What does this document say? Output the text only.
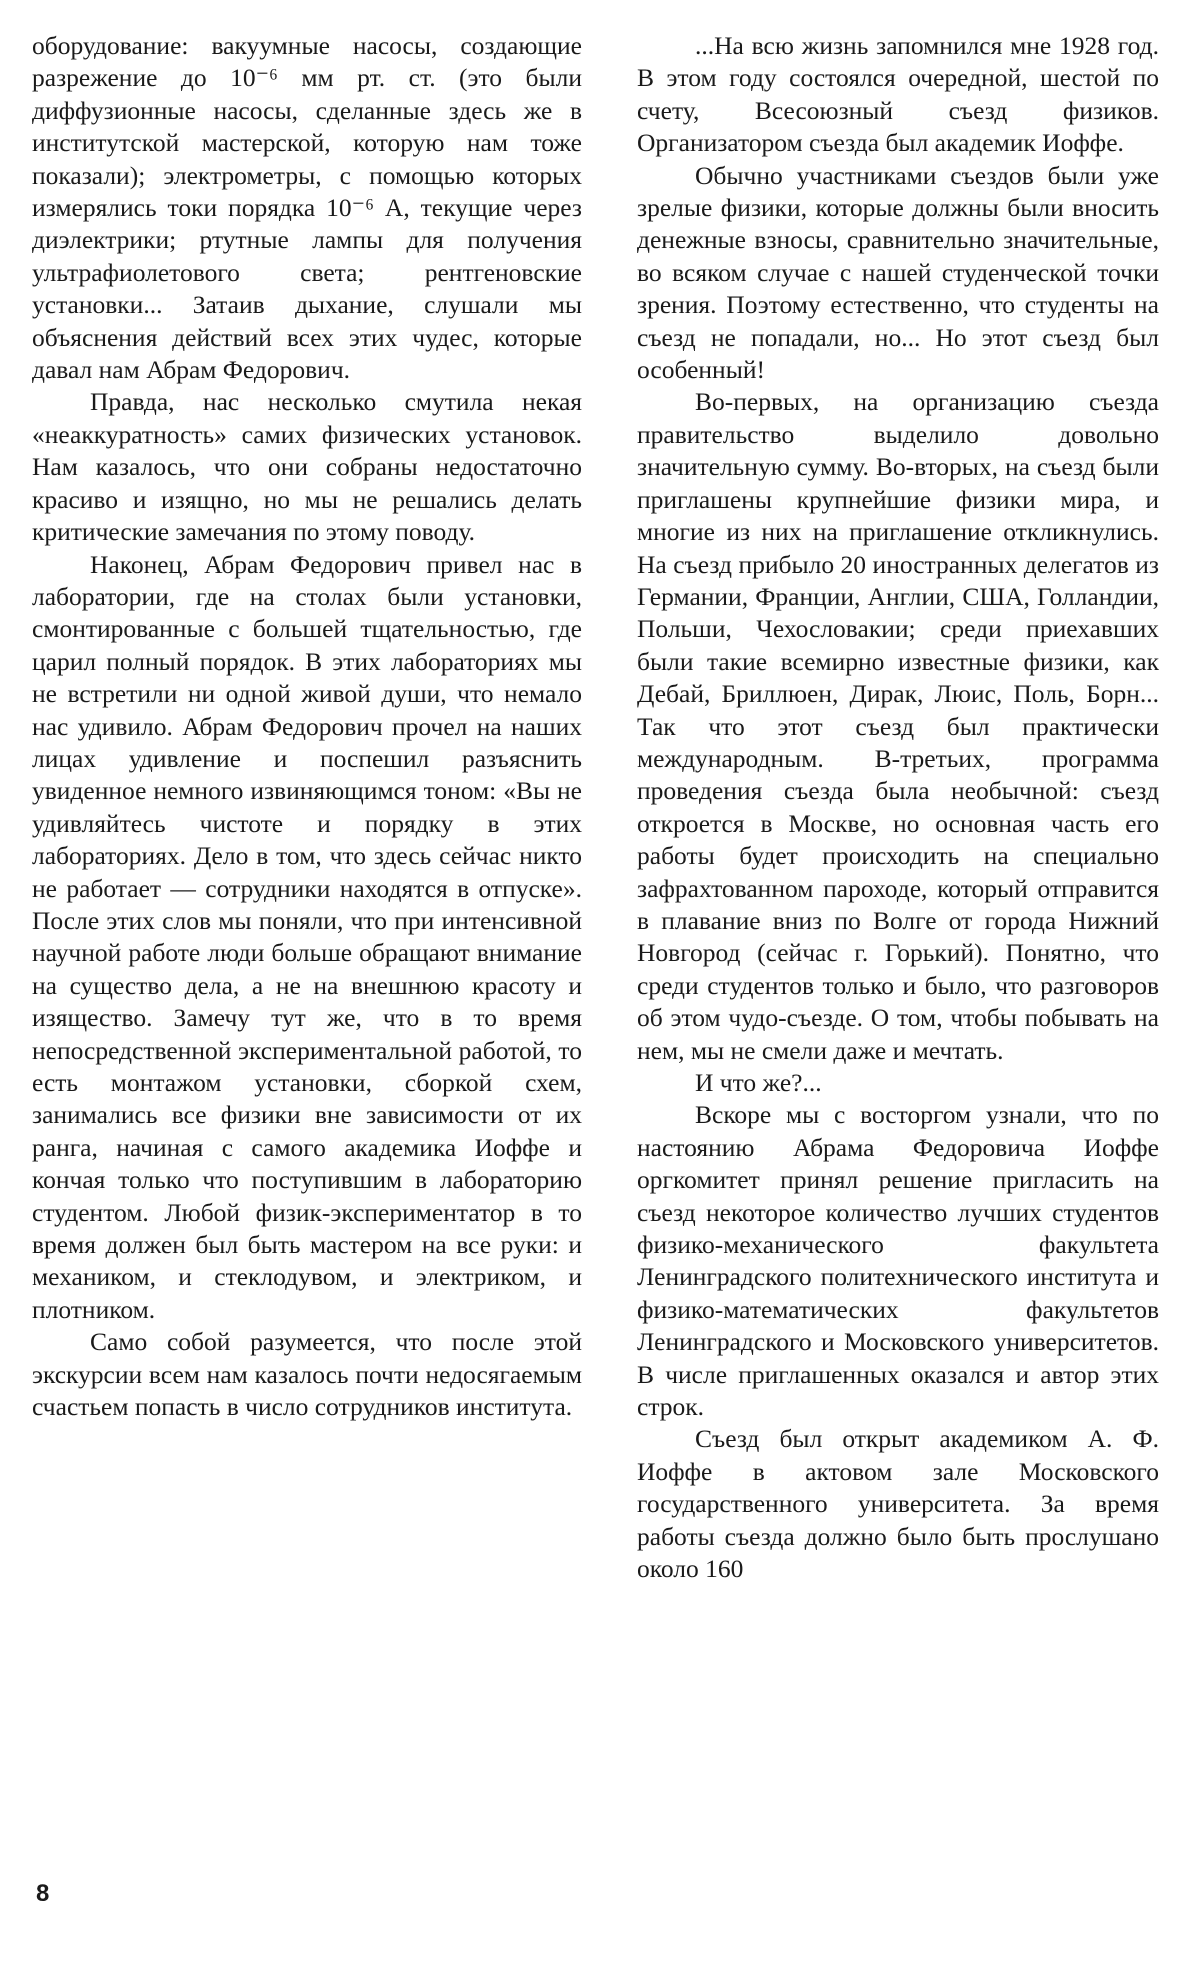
оборудование: вакуумные насосы, создающие разрежение до 10⁻⁶ мм рт. ст. (это были диффузионные насосы, сделанные здесь же в институтской мастерской, которую нам тоже показали); электрометры, с помощью которых измерялись токи порядка 10⁻⁶ А, текущие через диэлектрики; ртутные лампы для получения ультрафиолетового света; рентгеновские установки... Затаив дыхание, слушали мы объяснения действий всех этих чудес, которые давал нам Абрам Федорович.

Правда, нас несколько смутила некая «неаккуратность» самих физических установок. Нам казалось, что они собраны недостаточно красиво и изящно, но мы не решались делать критические замечания по этому поводу.

Наконец, Абрам Федорович привел нас в лаборатории, где на столах были установки, смонтированные с большей тщательностью, где царил полный порядок. В этих лабораториях мы не встретили ни одной живой души, что немало нас удивило. Абрам Федорович прочел на наших лицах удивление и поспешил разъяснить увиденное немного извиняющимся тоном: «Вы не удивляйтесь чистоте и порядку в этих лабораториях. Дело в том, что здесь сейчас никто не работает — сотрудники находятся в отпуске». После этих слов мы поняли, что при интенсивной научной работе люди больше обращают внимание на существо дела, а не на внешнюю красоту и изящество. Замечу тут же, что в то время непосредственной экспериментальной работой, то есть монтажом установки, сборкой схем, занимались все физики вне зависимости от их ранга, начиная с самого академика Иоффе и кончая только что поступившим в лабораторию студентом. Любой физик-экспериментатор в то время должен был быть мастером на все руки: и механиком, и стеклодувом, и электриком, и плотником.

Само собой разумеется, что после этой экскурсии всем нам казалось почти недосягаемым счастьем попасть в число сотрудников института.

...На всю жизнь запомнился мне 1928 год. В этом году состоялся очередной, шестой по счету, Всесоюзный съезд физиков. Организатором съезда был академик Иоффе.

Обычно участниками съездов были уже зрелые физики, которые должны были вносить денежные взносы, сравнительно значительные, во всяком случае с нашей студенческой точки зрения. Поэтому естественно, что студенты на съезд не попадали, но... Но этот съезд был особенный!

Во-первых, на организацию съезда правительство выделило довольно значительную сумму. Во-вторых, на съезд были приглашены крупнейшие физики мира, и многие из них на приглашение откликнулись. На съезд прибыло 20 иностранных делегатов из Германии, Франции, Англии, США, Голландии, Польши, Чехословакии; среди приехавших были такие всемирно известные физики, как Дебай, Бриллюен, Дирак, Люис, Поль, Борн... Так что этот съезд был практически международным. В-третьих, программа проведения съезда была необычной: съезд откроется в Москве, но основная часть его работы будет происходить на специально зафрахтованном пароходе, который отправится в плавание вниз по Волге от города Нижний Новгород (сейчас г. Горький). Понятно, что среди студентов только и было, что разговоров об этом чудо-съезде. О том, чтобы побывать на нем, мы не смели даже и мечтать.

И что же?...

Вскоре мы с восторгом узнали, что по настоянию Абрама Федоровича Иоффе оргкомитет принял решение пригласить на съезд некоторое количество лучших студентов физико-механического факультета Ленинградского политехнического института и физико-математических факультетов Ленинградского и Московского университетов. В числе приглашенных оказался и автор этих строк.

Съезд был открыт академиком А. Ф. Иоффе в актовом зале Московского государственного университета. За время работы съезда должно было быть прослушано около 160

8
